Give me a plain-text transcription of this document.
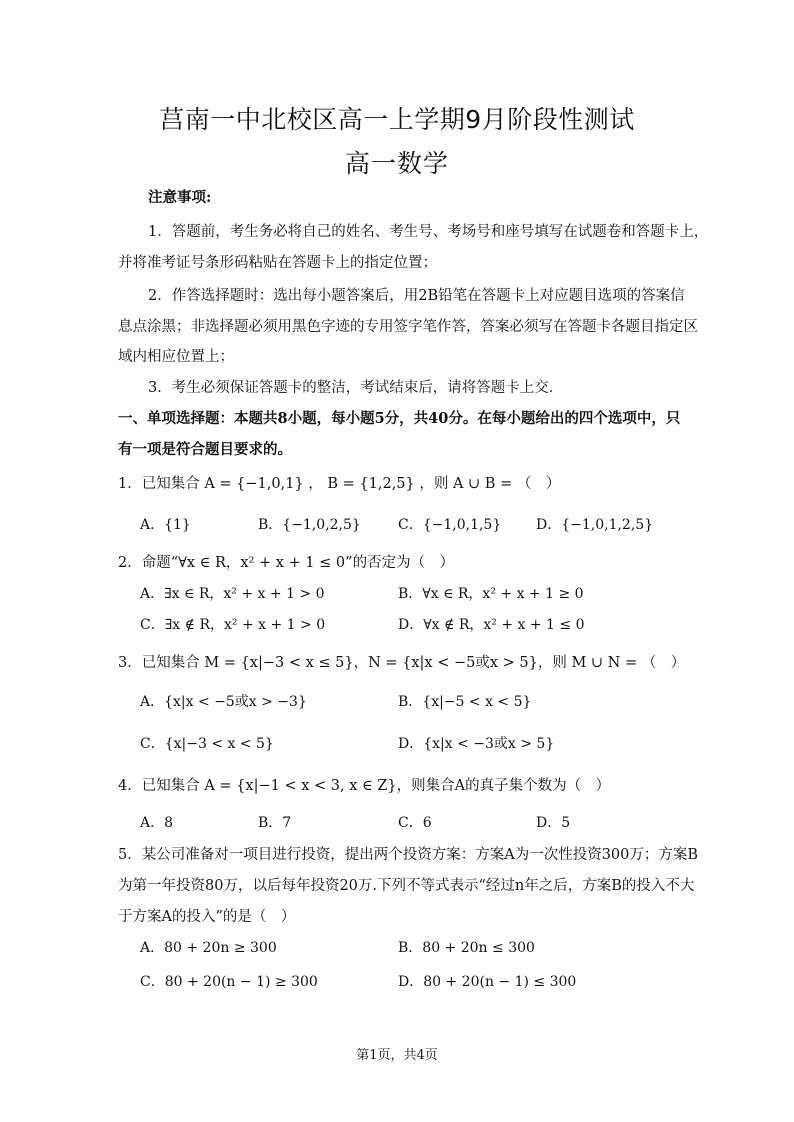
莒南一中北校区高一上学期9月阶段性测试
高一数学
注意事项:
1．答题前，考生务必将自己的姓名、考生号、考场号和座号填写在试题卷和答题卡上，
并将准考证号条形码粘贴在答题卡上的指定位置；
2．作答选择题时：选出每小题答案后，用2B铅笔在答题卡上对应题目选项的答案信
息点涂黑；非选择题必须用黑色字迹的专用签字笔作答，答案必须写在答题卡各题目指定区
域内相应位置上；
3．考生必须保证答题卡的整洁，考试结束后，请将答题卡上交．
一、单项选择题：本题共8小题，每小题5分，共40分。在每小题给出的四个选项中，只
有一项是符合题目要求的。
1．已知集合 A = {−1,0,1} ， B = {1,2,5} ，则 A ∪ B = （　）
A．{1}	B．{−1,0,2,5}	C．{−1,0,1,5} D．{−1,0,1,2,5}
2．命题“∀x ∈ R，x² + x + 1 ≤ 0”的否定为（　）
A．∃x ∈ R，x² + x + 1 > 0	B．∀x ∈ R，x² + x + 1 ≥ 0
C．∃x ∉ R，x² + x + 1 > 0	D．∀x ∉ R，x² + x + 1 ≤ 0
3．已知集合 M = {x|−3 < x ≤ 5}，N = {x|x < −5或x > 5}，则 M ∪ N = （　）
A．{x|x < −5或x > −3}	B．{x|−5 < x < 5}
C．{x|−3 < x < 5}	D．{x|x < −3或x > 5}
4．已知集合 A = {x|−1 < x < 3, x ∈ Z}，则集合A的真子集个数为（　）
A．8	B．7	C．6	D．5
5．某公司准备对一项目进行投资，提出两个投资方案：方案A为一次性投资300万；方案B
为第一年投资80万，以后每年投资20万.下列不等式表示“经过n年之后，方案B的投入不大
于方案A的投入”的是（　）
A．80 + 20n ≥ 300	B．80 + 20n ≤ 300
C．80 + 20(n − 1) ≥ 300	D．80 + 20(n − 1) ≤ 300
第1页，共4页
